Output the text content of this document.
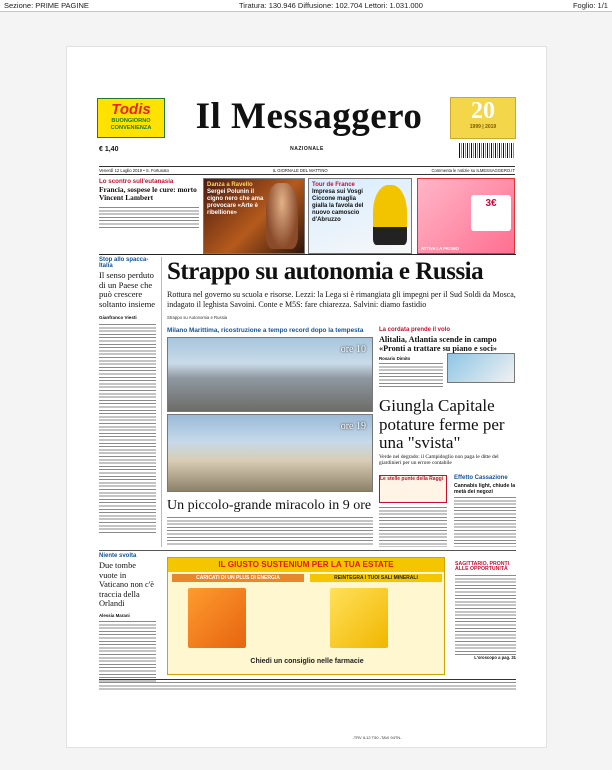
Sezione: PRIME PAGINE	Tiratura: 130.946 Diffusione: 102.704 Lettori: 1.031.000	Foglio: 1/1
Todis
BUONGIORNO CONVENIENZA	Il Messaggero
NAZIONALE
20
1999 | 2019
€ 1,40
Venerdì 12 Luglio 2019 • S. Fortunato	IL GIORNALE DEL MATTINO	Commenta le notizie su ILMESSAGGERO.IT
Lo scontro sull'eutanasia
Francia, sospese le cure: morto Vincent Lambert
Danza a Ravello
Sergei Polunin il cigno nero che ama provocare «Arte è ribellione»
Tour de France
Impresa sui Vosgi Ciccone maglia gialla la favola del nuovo camoscio d'Abruzzo
3€
ATTIVA LA PROMO
Stop allo spacca-Italia
Il senso perduto di un Paese che può crescere soltanto insieme
Gianfranco Viesti
Strappo su autonomia e Russia
Rottura nel governo su scuola e risorse. Lezzi: la Lega si è rimangiata gli impegni per il Sud Soldi da Mosca, indagato il leghista Savoini. Conte e M5S: fare chiarezza. Salvini: diamo fastidio
Strappo su Autonomia e Russia
Milano Marittima, ricostruzione a tempo record dopo la tempesta
ore 10
ore 19
Un piccolo-grande miracolo in 9 ore
La cordata prende il volo
Alitalia, Atlantia scende in campo «Pronti a trattare su piano e soci»
Rosario Dimito
Giungla Capitale potature ferme per una "svista"
Verde nel degrado: il Campidoglio non paga le ditte del giardinieri per un errore contabile
Le stelle punte della Raggi	Effetto Cassazione
Cannabis light, chiude la metà dei negozi
Niente svolta
Due tombe vuote in Vaticano non c'è traccia della Orlandi
Alessia Marani
IL GIUSTO SUSTENIUM PER LA TUA ESTATE
CARICATI DI UN PLUS DI ENERGIA	REINTEGRA I TUOI SALI MINERALI
Chiedi un consiglio nelle farmacie
SAGITTARIO, PRONTI ALLE OPPORTUNITÀ
L'oroscopo a pag. 31
-TRV IL12 T50 -TAVI 94TN-
